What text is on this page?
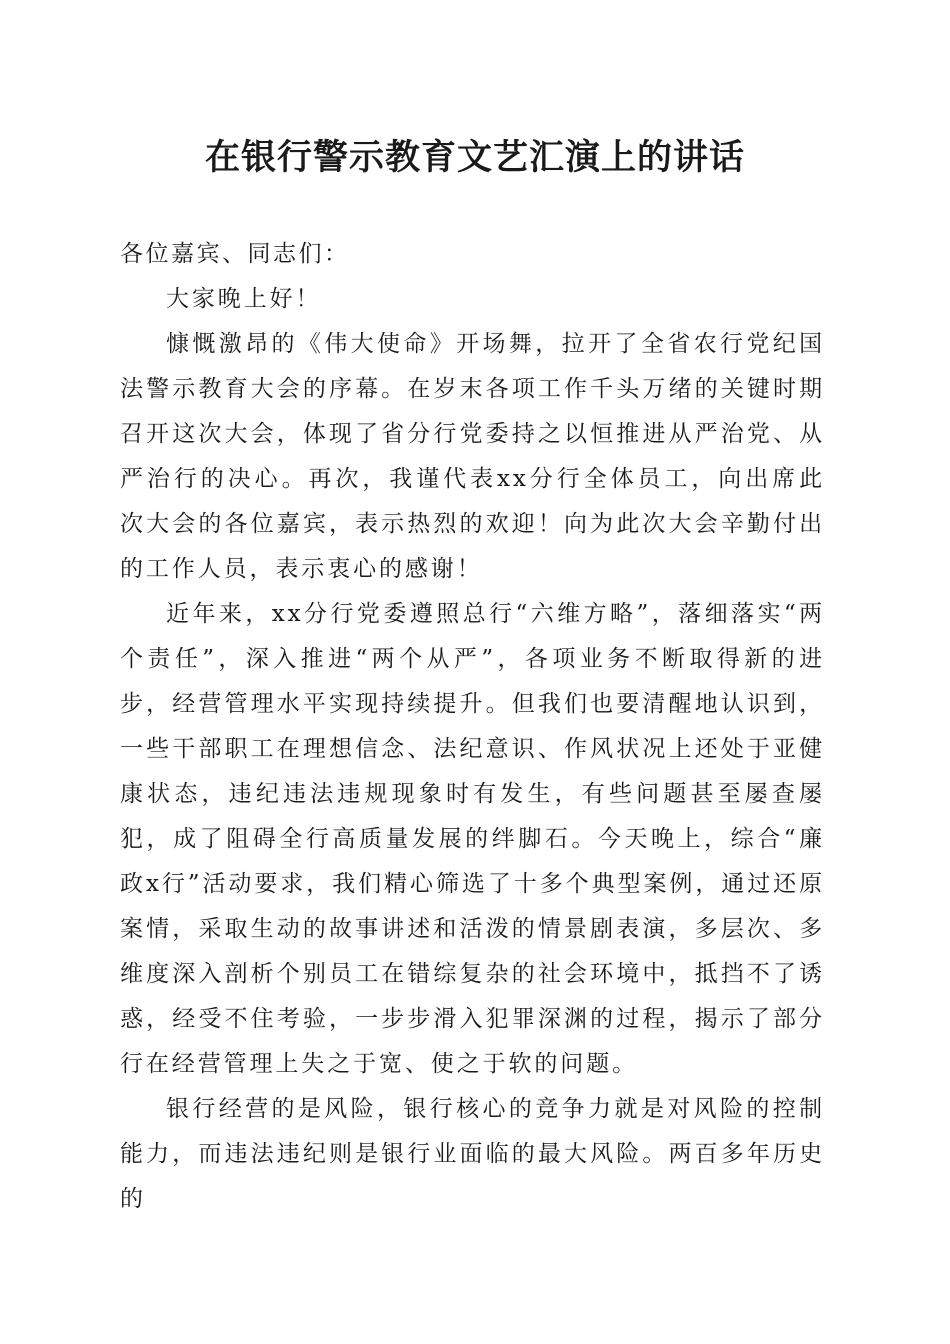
在银行警示教育文艺汇演上的讲话

各位嘉宾、同志们：

大家晚上好！

慷慨激昂的《伟大使命》开场舞，拉开了全省农行党纪国法警示教育大会的序幕。在岁末各项工作千头万绪的关键时期召开这次大会，体现了省分行党委持之以恒推进从严治党、从严治行的决心。再次，我谨代表xx分行全体员工，向出席此次大会的各位嘉宾，表示热烈的欢迎！向为此次大会辛勤付出的工作人员，表示衷心的感谢！

近年来，xx分行党委遵照总行“六维方略”，落细落实“两个责任”，深入推进“两个从严”，各项业务不断取得新的进步，经营管理水平实现持续提升。但我们也要清醒地认识到，一些干部职工在理想信念、法纪意识、作风状况上还处于亚健康状态，违纪违法违规现象时有发生，有些问题甚至屡查屡犯，成了阻碍全行高质量发展的绊脚石。今天晚上，综合“廉政x行”活动要求，我们精心筛选了十多个典型案例，通过还原案情，采取生动的故事讲述和活泼的情景剧表演，多层次、多维度深入剖析个别员工在错综复杂的社会环境中，抵挡不了诱惑，经受不住考验，一步步滑入犯罪深渊的过程，揭示了部分行在经营管理上失之于宽、使之于软的问题。

银行经营的是风险，银行核心的竞争力就是对风险的控制能力，而违法违纪则是银行业面临的最大风险。两百多年历史的
